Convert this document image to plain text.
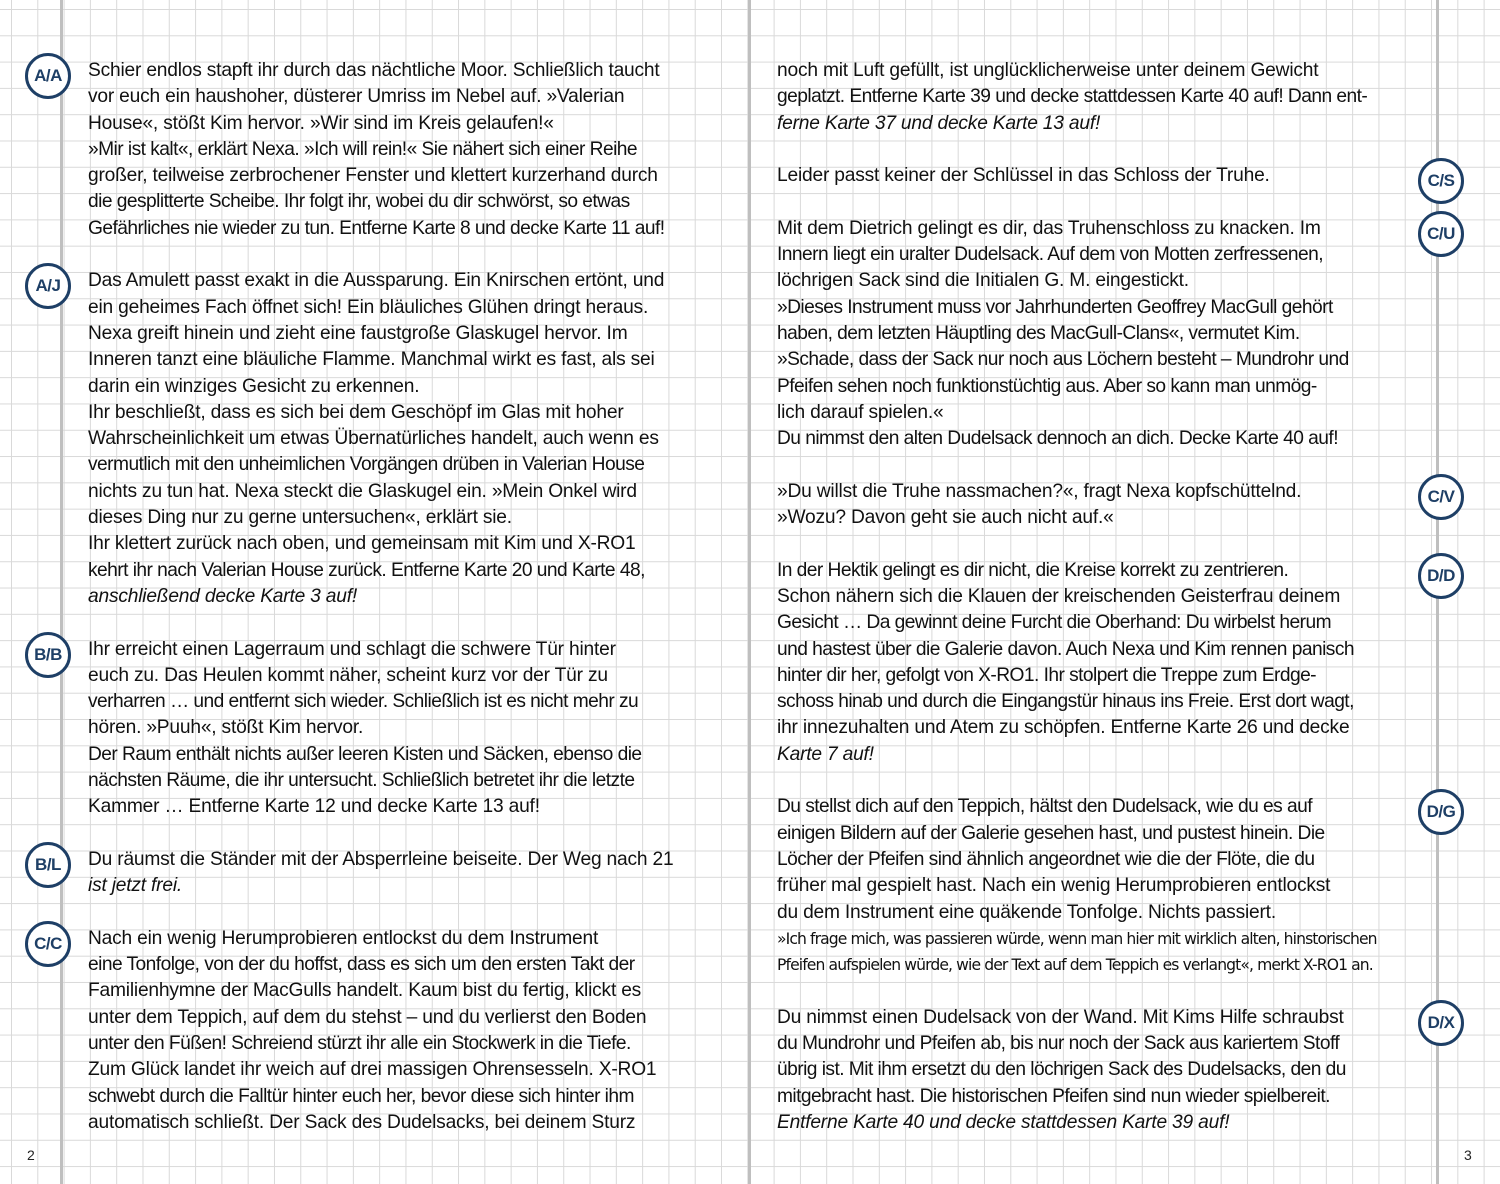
A/A	Schier endlos stapft ihr durch das nächtliche Moor. Schließlich taucht

vor euch ein haushoher, düsterer Umriss im Nebel auf. »Valerian

House«, stößt Kim hervor. »Wir sind im Kreis gelaufen!«

»Mir ist kalt«, erklärt Nexa. »Ich will rein!« Sie nähert sich einer Reihe

großer, teilweise zerbrochener Fenster und klettert kurzerhand durch

die gesplitterte Scheibe. Ihr folgt ihr, wobei du dir schwörst, so etwas

Gefährliches nie wieder zu tun. Entferne Karte 8 und decke Karte 11 auf!

A/J	Das Amulett passt exakt in die Aussparung. Ein Knirschen ertönt, und

ein geheimes Fach öffnet sich! Ein bläuliches Glühen dringt heraus.

Nexa greift hinein und zieht eine faustgroße Glaskugel hervor. Im

Inneren tanzt eine bläuliche Flamme. Manchmal wirkt es fast, als sei

darin ein winziges Gesicht zu erkennen.

Ihr beschließt, dass es sich bei dem Geschöpf im Glas mit hoher

Wahrscheinlichkeit um etwas Übernatürliches handelt, auch wenn es

vermutlich mit den unheimlichen Vorgängen drüben in Valerian House

nichts zu tun hat. Nexa steckt die Glaskugel ein. »Mein Onkel wird

dieses Ding nur zu gerne untersuchen«, erklärt sie.

Ihr klettert zurück nach oben, und gemeinsam mit Kim und X-RO1

kehrt ihr nach Valerian House zurück. Entferne Karte 20 und Karte 48,

anschließend decke Karte 3 auf!

B/B	Ihr erreicht einen Lagerraum und schlagt die schwere Tür hinter

euch zu. Das Heulen kommt näher, scheint kurz vor der Tür zu

verharren … und entfernt sich wieder. Schließlich ist es nicht mehr zu

hören. »Puuh«, stößt Kim hervor.

Der Raum enthält nichts außer leeren Kisten und Säcken, ebenso die

nächsten Räume, die ihr untersucht. Schließlich betretet ihr die letzte

Kammer … Entferne Karte 12 und decke Karte 13 auf!

B/L	Du räumst die Ständer mit der Absperrleine beiseite. Der Weg nach 21

ist jetzt frei.

C/C	Nach ein wenig Herumprobieren entlockst du dem Instrument

eine Tonfolge, von der du hoffst, dass es sich um den ersten Takt der

Familienhymne der MacGulls handelt. Kaum bist du fertig, klickt es

unter dem Teppich, auf dem du stehst – und du verlierst den Boden

unter den Füßen! Schreiend stürzt ihr alle ein Stockwerk in die Tiefe.

Zum Glück landet ihr weich auf drei massigen Ohrensesseln. X-RO1

schwebt durch die Falltür hinter euch her, bevor diese sich hinter ihm

automatisch schließt. Der Sack des Dudelsacks, bei deinem Sturz

noch mit Luft gefüllt, ist unglücklicherweise unter deinem Gewicht

geplatzt. Entferne Karte 39 und decke stattdessen Karte 40 auf! Dann ent-

ferne Karte 37 und decke Karte 13 auf!

C/S

Leider passt keiner der Schlüssel in das Schloss der Truhe.

C/U

Mit dem Dietrich gelingt es dir, das Truhenschloss zu knacken. Im

Innern liegt ein uralter Dudelsack. Auf dem von Motten zerfressenen,

löchrigen Sack sind die Initialen G. M. eingestickt.

»Dieses Instrument muss vor Jahrhunderten Geoffrey MacGull gehört

haben, dem letzten Häuptling des MacGull-Clans«, vermutet Kim.

»Schade, dass der Sack nur noch aus Löchern besteht – Mundrohr und

Pfeifen sehen noch funktionstüchtig aus. Aber so kann man unmög-

lich darauf spielen.«

Du nimmst den alten Dudelsack dennoch an dich. Decke Karte 40 auf!

C/V

»Du willst die Truhe nassmachen?«, fragt Nexa kopfschüttelnd.

»Wozu? Davon geht sie auch nicht auf.«

D/D

In der Hektik gelingt es dir nicht, die Kreise korrekt zu zentrieren.

Schon nähern sich die Klauen der kreischenden Geisterfrau deinem

Gesicht … Da gewinnt deine Furcht die Oberhand: Du wirbelst herum

und hastest über die Galerie davon. Auch Nexa und Kim rennen panisch

hinter dir her, gefolgt von X-RO1. Ihr stolpert die Treppe zum Erdge-

schoss hinab und durch die Eingangstür hinaus ins Freie. Erst dort wagt,

ihr innezuhalten und Atem zu schöpfen. Entferne Karte 26 und decke

Karte 7 auf!

D/G

Du stellst dich auf den Teppich, hältst den Dudelsack, wie du es auf

einigen Bildern auf der Galerie gesehen hast, und pustest hinein. Die

Löcher der Pfeifen sind ähnlich angeordnet wie die der Flöte, die du

früher mal gespielt hast. Nach ein wenig Herumprobieren entlockst

du dem Instrument eine quäkende Tonfolge. Nichts passiert.

»Ich frage mich, was passieren würde, wenn man hier mit wirklich alten, hinstorischen

Pfeifen aufspielen würde, wie der Text auf dem Teppich es verlangt«, merkt X-RO1 an.

D/X

Du nimmst einen Dudelsack von der Wand. Mit Kims Hilfe schraubst

du Mundrohr und Pfeifen ab, bis nur noch der Sack aus kariertem Stoff

übrig ist. Mit ihm ersetzt du den löchrigen Sack des Dudelsacks, den du

mitgebracht hast. Die historischen Pfeifen sind nun wieder spielbereit.

Entferne Karte 40 und decke stattdessen Karte 39 auf!

2	3
